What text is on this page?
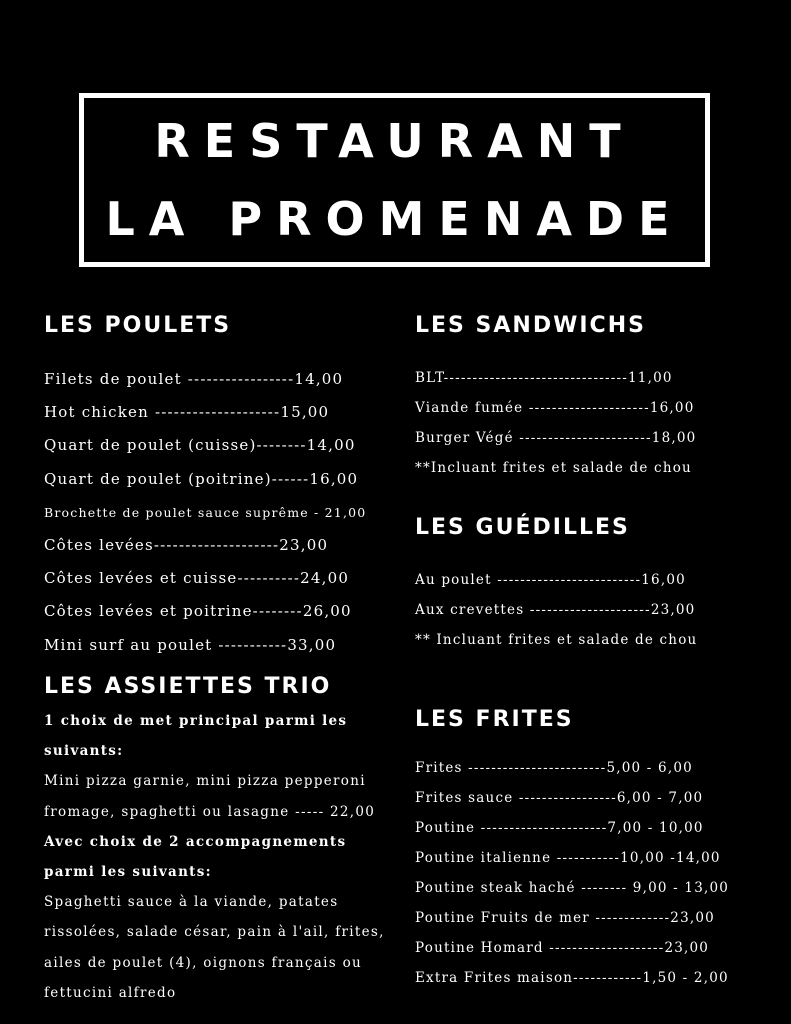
RESTAURANT
LA PROMENADE
LES POULETS
Filets de poulet -----------------14,00
Hot chicken --------------------15,00
Quart de poulet (cuisse)--------14,00
Quart de poulet (poitrine)------16,00
Brochette de poulet sauce suprême - 21,00
Côtes levées--------------------23,00
Côtes levées et cuisse----------24,00
Côtes levées et poitrine--------26,00
Mini surf au poulet -----------33,00
LES ASSIETTES TRIO
1 choix de met principal parmi les
suivants:
Mini pizza garnie, mini pizza pepperoni
fromage, spaghetti ou lasagne ----- 22,00
Avec choix de 2 accompagnements
parmi les suivants:
Spaghetti sauce à la viande, patates
rissolées, salade césar, pain à l'ail, frites,
ailes de poulet (4), oignons français ou
fettucini alfredo
LES SANDWICHS
BLT--------------------------------11,00
Viande fumée ---------------------16,00
Burger Végé -----------------------18,00
**Incluant frites et salade de chou
LES GUÉDILLES
Au poulet -------------------------16,00
Aux crevettes ---------------------23,00
** Incluant frites et salade de chou
LES FRITES
Frites ------------------------5,00 - 6,00
Frites sauce -----------------6,00 - 7,00
Poutine ----------------------7,00 - 10,00
Poutine italienne -----------10,00 -14,00
Poutine steak haché -------- 9,00 - 13,00
Poutine Fruits de mer -------------23,00
Poutine Homard --------------------23,00
Extra Frites maison------------1,50 - 2,00
